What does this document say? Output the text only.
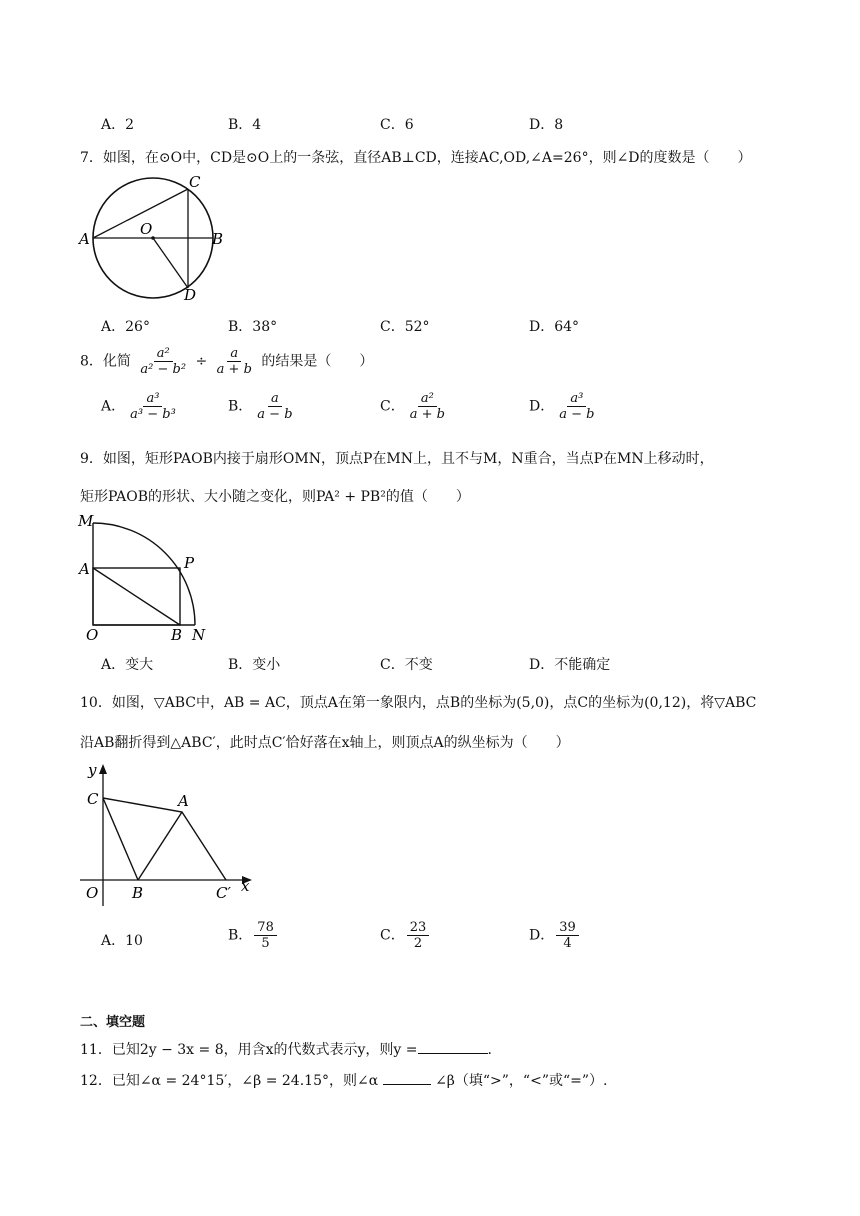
A．2	B．4	C．6	D．8
7．如图，在⊙O中，CD是⊙O上的一条弦，直径AB⊥CD，连接AC,OD,∠A=26°，则∠D的度数是（　　）
A	B
C
D
O
A．26°	B．38°	C．52°	D．64°
8．化简 $\frac{\text{a²}}{\text{a² − b²}} \div \frac{a}{a + b}$ 的结果是（　　）
A． $\frac{\text{a³}}{\text{a³ − b³}}$	B． $\frac{a}{a - b}$	C． $\frac{\text{a²}}{a + b}$	D． $\frac{\text{a³}}{a - b}$
9．如图，矩形PAOB内接于扇形OMN，顶点P在MN上，且不与M，N重合，当点P在MN上移动时，
矩形PAOB的形状、大小随之变化，则PA² + PB²的值（　　）
M
A	P
O	B N
A．变大	B．变小	C．不变	D．不能确定
10．如图，▽ABC中，AB = AC，顶点A在第一象限内，点B的坐标为(5,0)，点C的坐标为(0,12)，将▽ABC
沿AB翻折得到△ABC′，此时点C′恰好落在x轴上，则顶点A的纵坐标为（　　）
y
x
C	A
O B	C′
A．10	B． $\frac{78}{5}$	C． $\frac{23}{2}$	D． $\frac{39}{4}$
二、填空题
11．已知2y − 3x = 8，用含x的代数式表示y，则y =	.
12．已知∠α = 24°15′，∠β = 24.15°，则∠α	∠β（填“>”，“<”或“=”）.
